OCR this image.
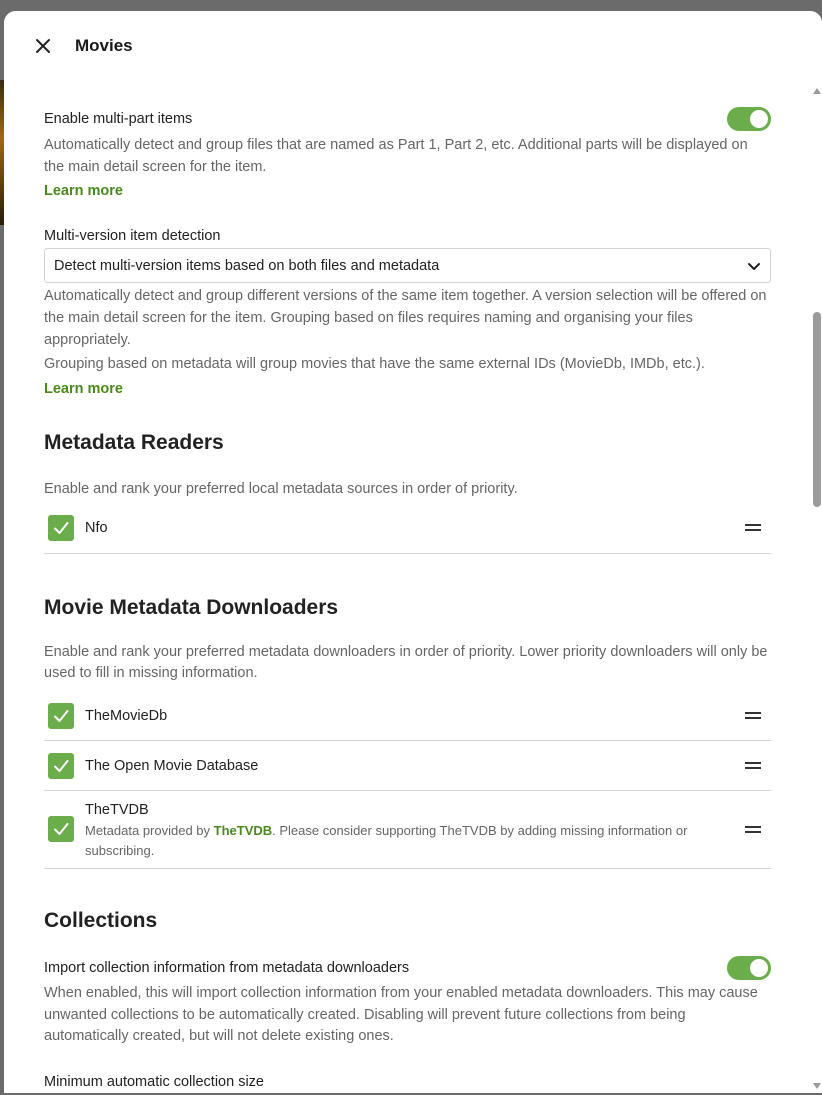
Movies
Enable multi-part items
Automatically detect and group files that are named as Part 1, Part 2, etc. Additional parts will be displayed on the main detail screen for the item.
Learn more
Multi-version item detection
Detect multi-version items based on both files and metadata
Automatically detect and group different versions of the same item together. A version selection will be offered on the main detail screen for the item. Grouping based on files requires naming and organising your files appropriately.
Grouping based on metadata will group movies that have the same external IDs (MovieDb, IMDb, etc.).
Learn more
Metadata Readers
Enable and rank your preferred local metadata sources in order of priority.
Nfo
Movie Metadata Downloaders
Enable and rank your preferred metadata downloaders in order of priority. Lower priority downloaders will only be used to fill in missing information.
TheMovieDb
The Open Movie Database
TheTVDB
Metadata provided by TheTVDB. Please consider supporting TheTVDB by adding missing information or subscribing.
Collections
Import collection information from metadata downloaders
When enabled, this will import collection information from your enabled metadata downloaders. This may cause unwanted collections to be automatically created. Disabling will prevent future collections from being automatically created, but will not delete existing ones.
Minimum automatic collection size
